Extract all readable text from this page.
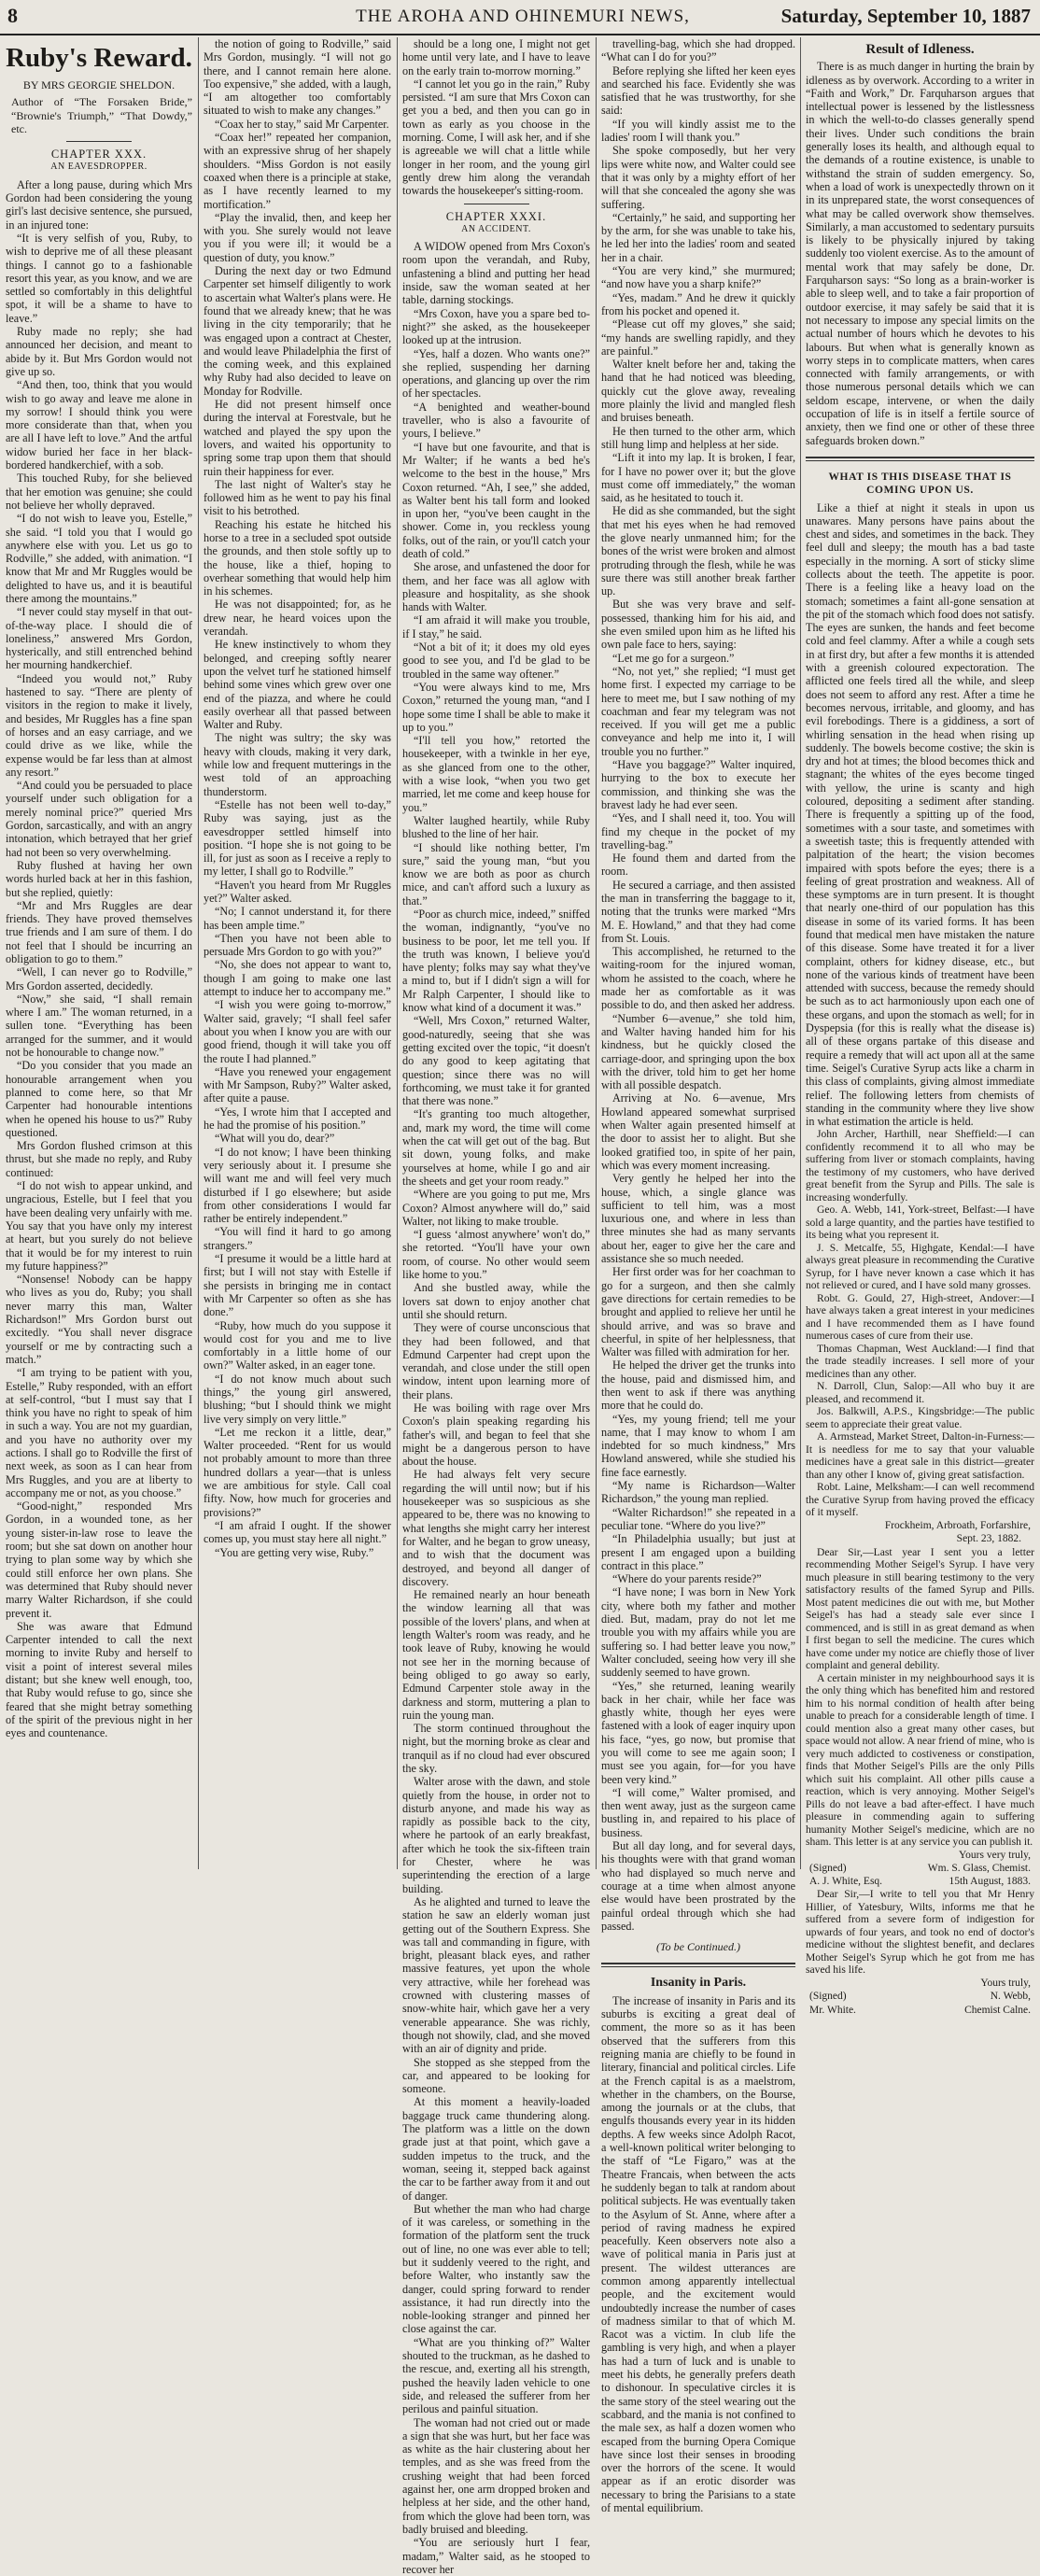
8	THE AROHA AND OHINEMURI NEWS,	Saturday, September 10, 1887
Ruby's Reward.
BY MRS GEORGIE SHELDON.

Author of “The Forsaken Bride,” “Brownie's Triumph,” “That Dowdy,” etc.

CHAPTER XXX.
AN EAVESDROPPER.

After a long pause, during which Mrs Gordon had been considering the young girl's last decisive sentence, she pursued, in an injured tone:

“It is very selfish of you, Ruby, to wish to deprive me of all these pleasant things. I cannot go to a fashionable resort this year, as you know, and we are settled so comfortably in this delightful spot, it will be a shame to have to leave.”

Ruby made no reply; she had announced her decision, and meant to abide by it. But Mrs Gordon would not give up so.

“And then, too, think that you would wish to go away and leave me alone in my sorrow! I should think you were more considerate than that, when you are all I have left to love.” And the artful widow buried her face in her black-bordered handkerchief, with a sob.

This touched Ruby, for she believed that her emotion was genuine; she could not believe her wholly depraved.

“I do not wish to leave you, Estelle,” she said. “I told you that I would go anywhere else with you. Let us go to Rodville,” she added, with animation. “I know that Mr and Mr Ruggles would be delighted to have us, and it is beautiful there among the mountains.”

“I never could stay myself in that out-of-the-way place. I should die of loneliness,” answered Mrs Gordon, hysterically, and still entrenched behind her mourning handkerchief.

“Indeed you would not,” Ruby hastened to say. “There are plenty of visitors in the region to make it lively, and besides, Mr Ruggles has a fine span of horses and an easy carriage, and we could drive as we like, while the expense would be far less than at almost any resort.”

“And could you be persuaded to place yourself under such obligation for a merely nominal price?” queried Mrs Gordon, sarcastically, and with an angry intonation, which betrayed that her grief had not been so very overwhelming.

Ruby flushed at having her own words hurled back at her in this fashion, but she replied, quietly:

“Mr and Mrs Ruggles are dear friends. They have proved themselves true friends and I am sure of them. I do not feel that I should be incurring an obligation to go to them.”

“Well, I can never go to Rodville,” Mrs Gordon asserted, decidedly.

“Now,” she said, “I shall remain where I am.” The woman returned, in a sullen tone. “Everything has been arranged for the summer, and it would not be honourable to change now.”

“Do you consider that you made an honourable arrangement when you planned to come here, so that Mr Carpenter had honourable intentions when he opened his house to us?” Ruby questioned.

Mrs Gordon flushed crimson at this thrust, but she made no reply, and Ruby continued:

“I do not wish to appear unkind, and ungracious, Estelle, but I feel that you have been dealing very unfairly with me. You say that you have only my interest at heart, but you surely do not believe that it would be for my interest to ruin my future happiness?”

“Nonsense! Nobody can be happy who lives as you do, Ruby; you shall never marry this man, Walter Richardson!” Mrs Gordon burst out excitedly. “You shall never disgrace yourself or me by contracting such a match.”

“I am trying to be patient with you, Estelle,” Ruby responded, with an effort at self-control, “but I must say that I think you have no right to speak of him in such a way. You are not my guardian, and you have no authority over my actions. I shall go to Rodville the first of next week, as soon as I can hear from Mrs Ruggles, and you are at liberty to accompany me or not, as you choose.”

“Good-night,” responded Mrs Gordon, in a wounded tone, as her young sister-in-law rose to leave the room; but she sat down on another hour trying to plan some way by which she could still enforce her own plans. She was determined that Ruby should never marry Walter Richardson, if she could prevent it.

She was aware that Edmund Carpenter intended to call the next morning to invite Ruby and herself to visit a point of interest several miles distant; but she knew well enough, too, that Ruby would refuse to go, since she feared that she might betray something of the spirit of the previous night in her eyes and countenance.

the notion of going to Rodville,” said Mrs Gordon, musingly. “I will not go there, and I cannot remain here alone. Too expensive,” she added, with a laugh, “I am altogether too comfortably situated to wish to make any changes.”

“Coax her to stay,” said Mr Carpenter.

“Coax her!” repeated her companion, with an expressive shrug of her shapely shoulders. “Miss Gordon is not easily coaxed when there is a principle at stake, as I have recently learned to my mortification.”

“Play the invalid, then, and keep her with you. She surely would not leave you if you were ill; it would be a question of duty, you know.”

During the next day or two Edmund Carpenter set himself diligently to work to ascertain what Walter's plans were. He found that we already knew; that he was living in the city temporarily; that he was engaged upon a contract at Chester, and would leave Philadelphia the first of the coming week, and this explained why Ruby had also decided to leave on Monday for Rodville.

He did not present himself once during the interval at Forestvale, but he watched and played the spy upon the lovers, and waited his opportunity to spring some trap upon them that should ruin their happiness for ever.

The last night of Walter's stay he followed him as he went to pay his final visit to his betrothed.

Reaching his estate he hitched his horse to a tree in a secluded spot outside the grounds, and then stole softly up to the house, like a thief, hoping to overhear something that would help him in his schemes.

He was not disappointed; for, as he drew near, he heard voices upon the verandah.

He knew instinctively to whom they belonged, and creeping softly nearer upon the velvet turf he stationed himself behind some vines which grew over one end of the piazza, and where he could easily overhear all that passed between Walter and Ruby.

The night was sultry; the sky was heavy with clouds, making it very dark, while low and frequent mutterings in the west told of an approaching thunderstorm.

“Estelle has not been well to-day,” Ruby was saying, just as the eavesdropper settled himself into position. “I hope she is not going to be ill, for just as soon as I receive a reply to my letter, I shall go to Rodville.”

“Haven't you heard from Mr Ruggles yet?” Walter asked.

“No; I cannot understand it, for there has been ample time.”

“Then you have not been able to persuade Mrs Gordon to go with you?”

“No, she does not appear to want to, though I am going to make one last attempt to induce her to accompany me.”

“I wish you were going to-morrow,” Walter said, gravely; “I shall feel safer about you when I know you are with our good friend, though it will take you off the route I had planned.”

“Have you renewed your engagement with Mr Sampson, Ruby?” Walter asked, after quite a pause.

“Yes, I wrote him that I accepted and he had the promise of his position.”

“What will you do, dear?”

“I do not know; I have been thinking very seriously about it. I presume she will want me and will feel very much disturbed if I go elsewhere; but aside from other considerations I would far rather be entirely independent.”

“You will find it hard to go among strangers.”

“I presume it would be a little hard at first; but I will not stay with Estelle if she persists in bringing me in contact with Mr Carpenter so often as she has done.”

“Ruby, how much do you suppose it would cost for you and me to live comfortably in a little home of our own?” Walter asked, in an eager tone.

“I do not know much about such things,” the young girl answered, blushing; “but I should think we might live very simply on very little.”

“Let me reckon it a little, dear,” Walter proceeded. “Rent for us would not probably amount to more than three hundred dollars a year—that is unless we are ambitious for style. Call coal fifty. Now, how much for groceries and provisions?”

“I am afraid I ought. If the shower comes up, you must stay here all night.”

“You are getting very wise, Ruby.”

should be a long one, I might not get home until very late, and I have to leave on the early train to-morrow morning.”

“I cannot let you go in the rain,” Ruby persisted. “I am sure that Mrs Coxon can get you a bed, and then you can go in town as early as you choose in the morning. Come, I will ask her, and if she is agreeable we will chat a little while longer in her room, and the young girl gently drew him along the verandah towards the housekeeper's sitting-room.

CHAPTER XXXI.
AN ACCIDENT.

A WIDOW opened from Mrs Coxon's room upon the verandah, and Ruby, unfastening a blind and putting her head inside, saw the woman seated at her table, darning stockings.

“Mrs Coxon, have you a spare bed to-night?” she asked, as the housekeeper looked up at the intrusion.

“Yes, half a dozen. Who wants one?” she replied, suspending her darning operations, and glancing up over the rim of her spectacles.

“A benighted and weather-bound traveller, who is also a favourite of yours, I believe.”

“I have but one favourite, and that is Mr Walter; if he wants a bed he's welcome to the best in the house,” Mrs Coxon returned. “Ah, I see,” she added, as Walter bent his tall form and looked in upon her, “you've been caught in the shower. Come in, you reckless young folks, out of the rain, or you'll catch your death of cold.”

She arose, and unfastened the door for them, and her face was all aglow with pleasure and hospitality, as she shook hands with Walter.

“I am afraid it will make you trouble, if I stay,” he said.

“Not a bit of it; it does my old eyes good to see you, and I'd be glad to be troubled in the same way oftener.”

“You were always kind to me, Mrs Coxon,” returned the young man, “and I hope some time I shall be able to make it up to you.”

“I'll tell you how,” retorted the housekeeper, with a twinkle in her eye, as she glanced from one to the other, with a wise look, “when you two get married, let me come and keep house for you.”

Walter laughed heartily, while Ruby blushed to the line of her hair.

“I should like nothing better, I'm sure,” said the young man, “but you know we are both as poor as church mice, and can't afford such a luxury as that.”

“Poor as church mice, indeed,” sniffed the woman, indignantly, “you've no business to be poor, let me tell you. If the truth was known, I believe you'd have plenty; folks may say what they've a mind to, but if I didn't sign a will for Mr Ralph Carpenter, I should like to know what kind of a document it was.”

“Well, Mrs Coxon,” returned Walter, good-naturedly, seeing that she was getting excited over the topic, “it doesn't do any good to keep agitating that question; since there was no will forthcoming, we must take it for granted that there was none.”

“It's granting too much altogether, and, mark my word, the time will come when the cat will get out of the bag. But sit down, young folks, and make yourselves at home, while I go and air the sheets and get your room ready.”

“Where are you going to put me, Mrs Coxon? Almost anywhere will do,” said Walter, not liking to make trouble.

“I guess ‘almost anywhere’ won't do,” she retorted. “You'll have your own room, of course. No other would seem like home to you.”

And she bustled away, while the lovers sat down to enjoy another chat until she should return.

They were of course unconscious that they had been followed, and that Edmund Carpenter had crept upon the verandah, and close under the still open window, intent upon learning more of their plans.

He was boiling with rage over Mrs Coxon's plain speaking regarding his father's will, and began to feel that she might be a dangerous person to have about the house.

He had always felt very secure regarding the will until now; but if his housekeeper was so suspicious as she appeared to be, there was no knowing to what lengths she might carry her interest for Walter, and he began to grow uneasy, and to wish that the document was destroyed, and beyond all danger of discovery.

He remained nearly an hour beneath the window learning all that was possible of the lovers' plans, and when at length Walter's room was ready, and he took leave of Ruby, knowing he would not see her in the morning because of being obliged to go away so early, Edmund Carpenter stole away in the darkness and storm, muttering a plan to ruin the young man.

The storm continued throughout the night, but the morning broke as clear and tranquil as if no cloud had ever obscured the sky.

Walter arose with the dawn, and stole quietly from the house, in order not to disturb anyone, and made his way as rapidly as possible back to the city, where he partook of an early breakfast, after which he took the six-fifteen train for Chester, where he was superintending the erection of a large building.

As he alighted and turned to leave the station he saw an elderly woman just getting out of the Southern Express. She was tall and commanding in figure, with bright, pleasant black eyes, and rather massive features, yet upon the whole very attractive, while her forehead was crowned with clustering masses of snow-white hair, which gave her a very venerable appearance. She was richly, though not showily, clad, and she moved with an air of dignity and pride.

She stopped as she stepped from the car, and appeared to be looking for someone.

At this moment a heavily-loaded baggage truck came thundering along. The platform was a little on the down grade just at that point, which gave a sudden impetus to the truck, and the woman, seeing it, stepped back against the car to be farther away from it and out of danger.

But whether the man who had charge of it was careless, or something in the formation of the platform sent the truck out of line, no one was ever able to tell; but it suddenly veered to the right, and before Walter, who instantly saw the danger, could spring forward to render assistance, it had run directly into the noble-looking stranger and pinned her close against the car.

“What are you thinking of?” Walter shouted to the truckman, as he dashed to the rescue, and, exerting all his strength, pushed the heavily laden vehicle to one side, and released the sufferer from her perilous and painful situation.

The woman had not cried out or made a sign that she was hurt, but her face was as white as the hair clustering about her temples, and as she was freed from the crushing weight that had been forced against her, one arm dropped broken and helpless at her side, and the other hand, from which the glove had been torn, was badly bruised and bleeding.

“You are seriously hurt I fear, madam,” Walter said, as he stooped to recover her

travelling-bag, which she had dropped. “What can I do for you?”

Before replying she lifted her keen eyes and searched his face. Evidently she was satisfied that he was trustworthy, for she said:

“If you will kindly assist me to the ladies' room I will thank you.”

She spoke composedly, but her very lips were white now, and Walter could see that it was only by a mighty effort of her will that she concealed the agony she was suffering.

“Certainly,” he said, and supporting her by the arm, for she was unable to take his, he led her into the ladies' room and seated her in a chair.

“You are very kind,” she murmured; “and now have you a sharp knife?”

“Yes, madam.” And he drew it quickly from his pocket and opened it.

“Please cut off my gloves,” she said; “my hands are swelling rapidly, and they are painful.”

Walter knelt before her and, taking the hand that he had noticed was bleeding, quickly cut the glove away, revealing more plainly the livid and mangled flesh and bruises beneath.

He then turned to the other arm, which still hung limp and helpless at her side.

“Lift it into my lap. It is broken, I fear, for I have no power over it; but the glove must come off immediately,” the woman said, as he hesitated to touch it.

He did as she commanded, but the sight that met his eyes when he had removed the glove nearly unmanned him; for the bones of the wrist were broken and almost protruding through the flesh, while he was sure there was still another break farther up.

But she was very brave and self-possessed, thanking him for his aid, and she even smiled upon him as he lifted his own pale face to hers, saying:

“Let me go for a surgeon.”

“No, not yet,” she replied; “I must get home first. I expected my carriage to be here to meet me, but I saw nothing of my coachman and fear my telegram was not received. If you will get me a public conveyance and help me into it, I will trouble you no further.”

“Have you baggage?” Walter inquired, hurrying to the box to execute her commission, and thinking she was the bravest lady he had ever seen.

“Yes, and I shall need it, too. You will find my cheque in the pocket of my travelling-bag.”

He found them and darted from the room.

He secured a carriage, and then assisted the man in transferring the baggage to it, noting that the trunks were marked “Mrs M. E. Howland,” and that they had come from St. Louis.

This accomplished, he returned to the waiting-room for the injured woman, whom he assisted to the coach, where he made her as comfortable as it was possible to do, and then asked her address.

“Number 6—avenue,” she told him, and Walter having handed him for his kindness, but he quickly closed the carriage-door, and springing upon the box with the driver, told him to get her home with all possible despatch.

Arriving at No. 6—avenue, Mrs Howland appeared somewhat surprised when Walter again presented himself at the door to assist her to alight. But she looked gratified too, in spite of her pain, which was every moment increasing.

Very gently he helped her into the house, which, a single glance was sufficient to tell him, was a most luxurious one, and where in less than three minutes she had as many servants about her, eager to give her the care and assistance she so much needed.

Her first order was for her coachman to go for a surgeon, and then she calmly gave directions for certain remedies to be brought and applied to relieve her until he should arrive, and was so brave and cheerful, in spite of her helplessness, that Walter was filled with admiration for her.

He helped the driver get the trunks into the house, paid and dismissed him, and then went to ask if there was anything more that he could do.

“Yes, my young friend; tell me your name, that I may know to whom I am indebted for so much kindness,” Mrs Howland answered, while she studied his fine face earnestly.

“My name is Richardson—Walter Richardson,” the young man replied.

“Walter Richardson!” she repeated in a peculiar tone. “Where do you live?”

“In Philadelphia usually; but just at present I am engaged upon a building contract in this place.”

“Where do your parents reside?”

“I have none; I was born in New York city, where both my father and mother died. But, madam, pray do not let me trouble you with my affairs while you are suffering so. I had better leave you now,” Walter concluded, seeing how very ill she suddenly seemed to have grown.

“Yes,” she returned, leaning wearily back in her chair, while her face was ghastly white, though her eyes were fastened with a look of eager inquiry upon his face, “yes, go now, but promise that you will come to see me again soon; I must see you again, for—for you have been very kind.”

“I will come,” Walter promised, and then went away, just as the surgeon came bustling in, and repaired to his place of business.

But all day long, and for several days, his thoughts were with that grand woman who had displayed so much nerve and courage at a time when almost anyone else would have been prostrated by the painful ordeal through which she had passed.

(To be Continued.)
Insanity in Paris.

The increase of insanity in Paris and its suburbs is exciting a great deal of comment, the more so as it has been observed that the sufferers from this reigning mania are chiefly to be found in literary, financial and political circles. Life at the French capital is as a maelstrom, whether in the chambers, on the Bourse, among the journals or at the clubs, that engulfs thousands every year in its hidden depths. A few weeks since Adolph Racot, a well-known political writer belonging to the staff of “Le Figaro,” was at the Theatre Francais, when between the acts he suddenly began to talk at random about political subjects. He was eventually taken to the Asylum of St. Anne, where after a period of raving madness he expired peacefully. Keen observers note also a wave of political mania in Paris just at present. The wildest utterances are common among apparently intellectual people, and the excitement would undoubtedly increase the number of cases of madness similar to that of which M. Racot was a victim. In club life the gambling is very high, and when a player has had a turn of luck and is unable to meet his debts, he generally prefers death to dishonour. In speculative circles it is the same story of the steel wearing out the scabbard, and the mania is not confined to the male sex, as half a dozen women who escaped from the burning Opera Comique have since lost their senses in brooding over the horrors of the scene. It would appear as if an erotic disorder was necessary to bring the Parisians to a state of mental equilibrium.

Result of Idleness.

There is as much danger in hurting the brain by idleness as by overwork. According to a writer in “Faith and Work,” Dr. Farquharson argues that intellectual power is lessened by the listlessness in which the well-to-do classes generally spend their lives. Under such conditions the brain generally loses its health, and although equal to the demands of a routine existence, is unable to withstand the strain of sudden emergency. So, when a load of work is unexpectedly thrown on it in its unprepared state, the worst consequences of what may be called overwork show themselves. Similarly, a man accustomed to sedentary pursuits is likely to be physically injured by taking suddenly too violent exercise. As to the amount of mental work that may safely be done, Dr. Farquharson says: “So long as a brain-worker is able to sleep well, and to take a fair proportion of outdoor exercise, it may safely be said that it is not necessary to impose any special limits on the actual number of hours which he devotes to his labours. But when what is generally known as worry steps in to complicate matters, when cares connected with family arrangements, or with those numerous personal details which we can seldom escape, intervene, or when the daily occupation of life is in itself a fertile source of anxiety, then we find one or other of these three safeguards broken down.”

WHAT IS THIS DISEASE THAT IS COMING UPON US.

Like a thief at night it steals in upon us unawares. Many persons have pains about the chest and sides, and sometimes in the back. They feel dull and sleepy; the mouth has a bad taste especially in the morning. A sort of sticky slime collects about the teeth. The appetite is poor. There is a feeling like a heavy load on the stomach; sometimes a faint all-gone sensation at the pit of the stomach which food does not satisfy. The eyes are sunken, the hands and feet become cold and feel clammy. After a while a cough sets in at first dry, but after a few months it is attended with a greenish coloured expectoration. The afflicted one feels tired all the while, and sleep does not seem to afford any rest. After a time he becomes nervous, irritable, and gloomy, and has evil forebodings. There is a giddiness, a sort of whirling sensation in the head when rising up suddenly. The bowels become costive; the skin is dry and hot at times; the blood becomes thick and stagnant; the whites of the eyes become tinged with yellow, the urine is scanty and high coloured, depositing a sediment after standing. There is frequently a spitting up of the food, sometimes with a sour taste, and sometimes with a sweetish taste; this is frequently attended with palpitation of the heart; the vision becomes impaired with spots before the eyes; there is a feeling of great prostration and weakness. All of these symptoms are in turn present. It is thought that nearly one-third of our population has this disease in some of its varied forms. It has been found that medical men have mistaken the nature of this disease. Some have treated it for a liver complaint, others for kidney disease, etc., but none of the various kinds of treatment have been attended with success, because the remedy should be such as to act harmoniously upon each one of these organs, and upon the stomach as well; for in Dyspepsia (for this is really what the disease is) all of these organs partake of this disease and require a remedy that will act upon all at the same time. Seigel's Curative Syrup acts like a charm in this class of complaints, giving almost immediate relief. The following letters from chemists of standing in the community where they live show in what estimation the article is held.

John Archer, Harthill, near Sheffield:—I can confidently recommend it to all who may be suffering from liver or stomach complaints, having the testimony of my customers, who have derived great benefit from the Syrup and Pills. The sale is increasing wonderfully.

Geo. A. Webb, 141, York-street, Belfast:—I have sold a large quantity, and the parties have testified to its being what you represent it.

J. S. Metcalfe, 55, Highgate, Kendal:—I have always great pleasure in recommending the Curative Syrup, for I have never known a case which it has not relieved or cured, and I have sold many grosses.

Robt. G. Gould, 27, High-street, Andover:—I have always taken a great interest in your medicines and I have recommended them as I have found numerous cases of cure from their use.

Thomas Chapman, West Auckland:—I find that the trade steadily increases. I sell more of your medicines than any other.

N. Darroll, Clun, Salop:—All who buy it are pleased, and recommend it.

Jos. Balkwill, A.P.S., Kingsbridge:—The public seem to appreciate their great value.

A. Armstead, Market Street, Dalton-in-Furness:—It is needless for me to say that your valuable medicines have a great sale in this district—greater than any other I know of, giving great satisfaction.

Robt. Laine, Melksham:—I can well recommend the Curative Syrup from having proved the efficacy of it myself.

Frockheim, Arbroath, Forfarshire,
Sept. 23, 1882.

Dear Sir,—Last year I sent you a letter recommending Mother Seigel's Syrup. I have very much pleasure in still bearing testimony to the very satisfactory results of the famed Syrup and Pills. Most patent medicines die out with me, but Mother Seigel's has had a steady sale ever since I commenced, and is still in as great demand as when I first began to sell the medicine. The cures which have come under my notice are chiefly those of liver complaint and general debility.

A certain minister in my neighbourhood says it is the only thing which has benefited him and restored him to his normal condition of health after being unable to preach for a considerable length of time. I could mention also a great many other cases, but space would not allow. A near friend of mine, who is very much addicted to costiveness or constipation, finds that Mother Seigel's Pills are the only Pills which suit his complaint. All other pills cause a reaction, which is very annoying. Mother Seigel's Pills do not leave a bad after-effect. I have much pleasure in commending again to suffering humanity Mother Seigel's medicine, which are no sham. This letter is at any service you can publish it.

Yours very truly,
(Signed)	Wm. S. Glass, Chemist.
A. J. White, Esq.	15th August, 1883.

Dear Sir,—I write to tell you that Mr Henry Hillier, of Yatesbury, Wilts, informs me that he suffered from a severe form of indigestion for upwards of four years, and took no end of doctor's medicine without the slightest benefit, and declares Mother Seigel's Syrup which he got from me has saved his life.

Yours truly,
(Signed)	N. Webb,
Mr. White.	Chemist Calne.
